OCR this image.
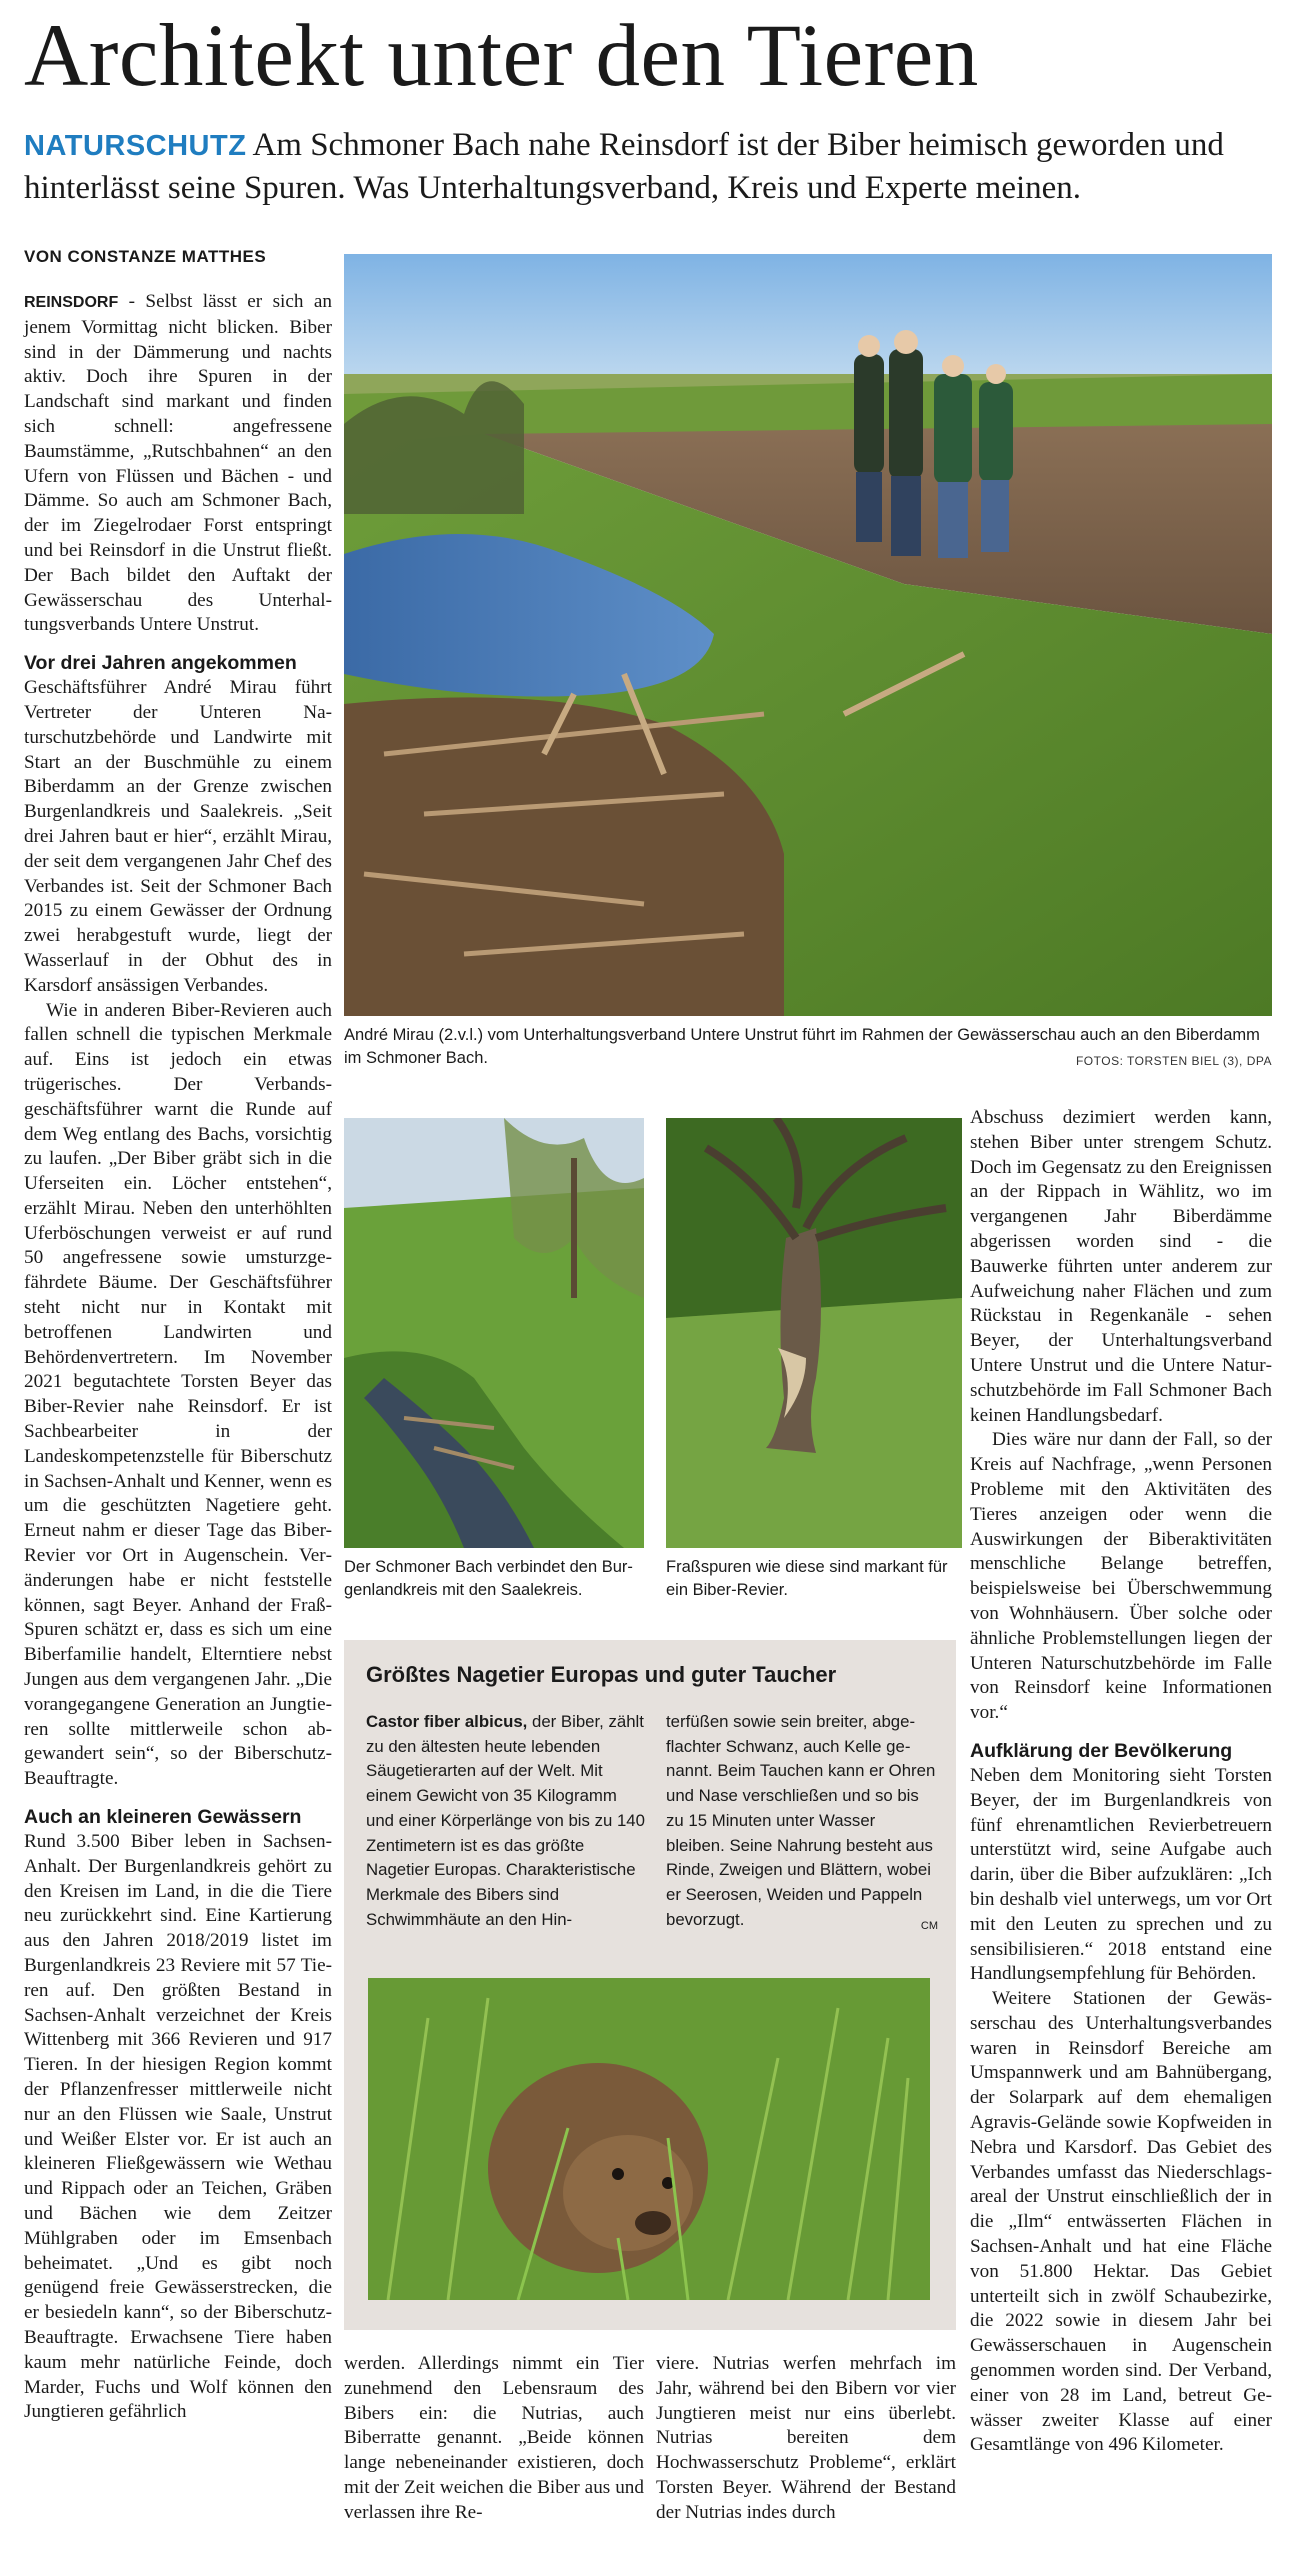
Architekt unter den Tieren
NATURSCHUTZ Am Schmoner Bach nahe Reinsdorf ist der Biber heimisch geworden und hinterlässt seine Spuren. Was Unterhaltungsverband, Kreis und Experte meinen.
VON CONSTANZE MATTHES

REINSDORF - Selbst lässt er sich an jenem Vormittag nicht blicken. Biber sind in der Dämmerung und nachts aktiv. Doch ihre Spuren in der Landschaft sind markant und finden sich schnell: angefressene Baumstämme, „Rutschbahnen“ an den Ufern von Flüssen und Bächen - und Dämme. So auch am Schmoner Bach, der im Ziegelrodaer Forst entspringt und bei Reinsdorf in die Unstrut fließt. Der Bach bildet den Auftakt der Gewässerschau des Unterhaltungsverbands Untere Unstrut.

Vor drei Jahren angekommen

Geschäftsführer André Mirau führt Vertreter der Unteren Naturschutzbehörde und Landwirte mit Start an der Buschmühle zu einem Biberdamm an der Grenze zwischen Burgenlandkreis und Saalekreis. „Seit drei Jahren baut er hier“, erzählt Mirau, der seit dem vergangenen Jahr Chef des Verbandes ist. Seit der Schmoner Bach 2015 zu einem Gewässer der Ordnung zwei herabgestuft wurde, liegt der Wasserlauf in der Obhut des in Karsdorf ansässigen Verbandes.

Wie in anderen Biber-Revieren auch fallen schnell die typischen Merkmale auf. Eins ist jedoch ein etwas trügerisches. Der Verbandsgeschäftsführer warnt die Runde auf dem Weg entlang des Bachs, vorsichtig zu laufen. „Der Biber gräbt sich in die Uferseiten ein. Löcher entstehen“, erzählt Mirau. Neben den unterhöhlten Uferböschungen verweist er auf rund 50 angefressene sowie umsturzgefährdete Bäume. Der Geschäftsführer steht nicht nur in Kontakt mit betroffenen Landwirten und Behördenvertretern. Im November 2021 begutachtete Torsten Beyer das Biber-Revier nahe Reinsdorf. Er ist Sachbearbeiter in der Landeskompetenzstelle für Biberschutz in Sachsen-Anhalt und Kenner, wenn es um die geschützten Nagetiere geht. Erneut nahm er dieser Tage das Biber-Revier vor Ort in Augenschein. Veränderungen habe er nicht feststelle können, sagt Beyer. Anhand der Fraß-Spuren schätzt er, dass es sich um eine Biberfamilie handelt, Elterntiere nebst Jungen aus dem vergangenen Jahr. „Die vorangegangene Generation an Jungtieren sollte mittlerweile schon abgewandert sein“, so der Biberschutz-Beauftragte.

Auch an kleineren Gewässern

Rund 3.500 Biber leben in Sachsen-Anhalt. Der Burgenlandkreis gehört zu den Kreisen im Land, in die die Tiere neu zurückkehrt sind. Eine Kartierung aus den Jahren 2018/2019 listet im Burgenlandkreis 23 Reviere mit 57 Tieren auf. Den größten Bestand in Sachsen-Anhalt verzeichnet der Kreis Wittenberg mit 366 Revieren und 917 Tieren. In der hiesigen Region kommt der Pflanzenfresser mittlerweile nicht nur an den Flüssen wie Saale, Unstrut und Weißer Elster vor. Er ist auch an kleineren Fließgewässern wie Wethau und Rippach oder an Teichen, Gräben und Bächen wie dem Zeitzer Mühlgraben oder im Emsenbach beheimatet. „Und es gibt noch genügend freie Gewässerstrecken, die er besiedeln kann“, so der Biberschutz-Beauftragte. Erwachsene Tiere haben kaum mehr natürliche Feinde, doch Marder, Fuchs und Wolf können den Jungtieren gefährlich

André Mirau (2.v.l.) vom Unterhaltungsverband Untere Unstrut führt im Rahmen der Gewässerschau auch an den Biberdamm im Schmoner Bach.	FOTOS: TORSTEN BIEL (3), DPA
Der Schmoner Bach verbindet den Burgenlandkreis mit den Saalekreis.
Fraßspuren wie diese sind markant für ein Biber-Revier.
Größtes Nagetier Europas und guter Taucher
Castor fiber albicus, der Biber, zählt zu den ältesten heute lebenden Säugetierarten auf der Welt. Mit einem Gewicht von 35 Kilogramm und einer Körperlänge von bis zu 140 Zentimetern ist es das größte Nagetier Europas. Charakteristische Merkmale des Bibers sind Schwimmhäute an den Hin-
terfüßen sowie sein breiter, abgeflachter Schwanz, auch Kelle genannt. Beim Tauchen kann er Ohren und Nase verschließen und so bis zu 15 Minuten unter Wasser bleiben. Seine Nahrung besteht aus Rinde, Zweigen und Blättern, wobei er Seerosen, Weiden und Pappeln bevorzugt.	CM

werden. Allerdings nimmt ein Tier zunehmend den Lebensraum des Bibers ein: die Nutrias, auch Biberratte genannt. „Beide können lange nebeneinander existieren, doch mit der Zeit weichen die Biber aus und verlassen ihre Re-

viere. Nutrias werfen mehrfach im Jahr, während bei den Bibern vor vier Jungtieren meist nur eins überlebt. Nutrias bereiten dem Hochwasserschutz Probleme“, erklärt Torsten Beyer. Während der Bestand der Nutrias indes durch

Abschuss dezimiert werden kann, stehen Biber unter strengem Schutz. Doch im Gegensatz zu den Ereignissen an der Rippach in Wählitz, wo im vergangenen Jahr Biberdämme abgerissen worden sind - die Bauwerke führten unter anderem zur Aufweichung naher Flächen und zum Rückstau in Regenkanäle - sehen Beyer, der Unterhaltungsverband Untere Unstrut und die Untere Naturschutzbehörde im Fall Schmoner Bach keinen Handlungsbedarf.

Dies wäre nur dann der Fall, so der Kreis auf Nachfrage, „wenn Personen Probleme mit den Aktivitäten des Tieres anzeigen oder wenn die Auswirkungen der Biberaktivitäten menschliche Belange betreffen, beispielsweise bei Überschwemmung von Wohnhäusern. Über solche oder ähnliche Problemstellungen liegen der Unteren Naturschutzbehörde im Falle von Reinsdorf keine Informationen vor.“

Aufklärung der Bevölkerung

Neben dem Monitoring sieht Torsten Beyer, der im Burgenlandkreis von fünf ehrenamtlichen Revierbetreuern unterstützt wird, seine Aufgabe auch darin, über die Biber aufzuklären: „Ich bin deshalb viel unterwegs, um vor Ort mit den Leuten zu sprechen und zu sensibilisieren.“ 2018 entstand eine Handlungsempfehlung für Behörden.

Weitere Stationen der Gewässerschau des Unterhaltungsverbandes waren in Reinsdorf Bereiche am Umspannwerk und am Bahnübergang, der Solarpark auf dem ehemaligen Agravis-Gelände sowie Kopfweiden in Nebra und Karsdorf. Das Gebiet des Verbandes umfasst das Niederschlagsareal der Unstrut einschließlich der in die „Ilm“ entwässerten Flächen in Sachsen-Anhalt und hat eine Fläche von 51.800 Hektar. Das Gebiet unterteilt sich in zwölf Schaubezirke, die 2022 sowie in diesem Jahr bei Gewässerschauen in Augenschein genommen worden sind. Der Verband, einer von 28 im Land, betreut Gewässer zweiter Klasse auf einer Gesamtlänge von 496 Kilometer.
